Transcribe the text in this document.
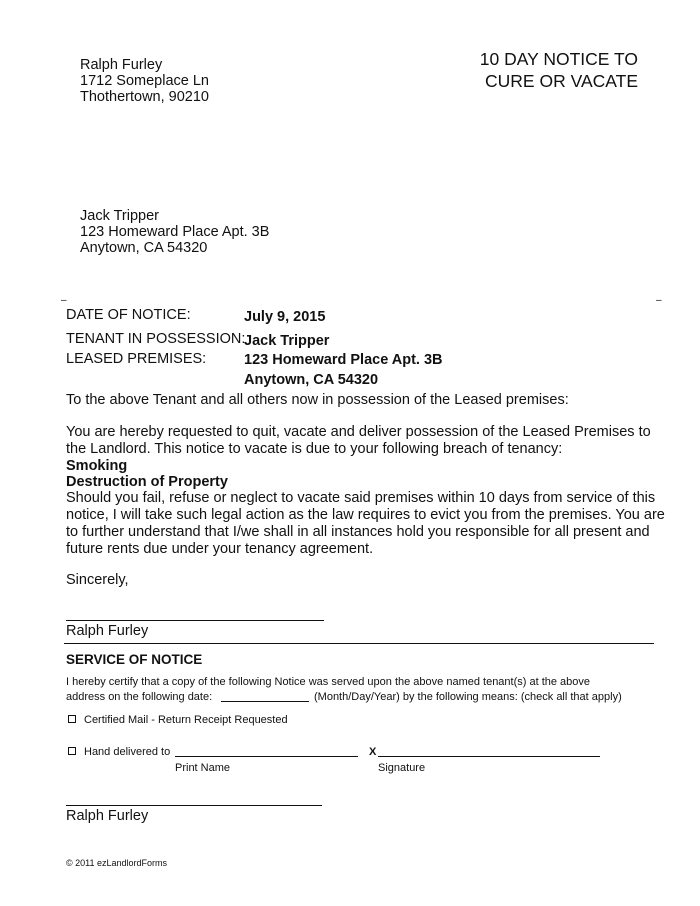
Ralph Furley
1712 Someplace Ln
Thothertown, 90210
10 DAY NOTICE TO
CURE OR VACATE
Jack Tripper
123 Homeward Place Apt. 3B
Anytown, CA 54320
–	–
DATE OF NOTICE:	July 9, 2015
TENANT IN POSSESSION:
Jack Tripper
LEASED PREMISES:	123 Homeward Place Apt. 3B
Anytown, CA 54320
To the above Tenant and all others now in possession of the Leased premises:
You are hereby requested to quit, vacate and deliver possession of the Leased Premises to
the Landlord. This notice to vacate is due to your following breach of tenancy:
Smoking
Destruction of Property
Should you fail, refuse or neglect to vacate said premises within 10 days from service of this
notice, I will take such legal action as the law requires to evict you from the premises. You are
to further understand that I/we shall in all instances hold you responsible for all present and
future rents due under your tenancy agreement.
Sincerely,
Ralph Furley
SERVICE OF NOTICE
I hereby certify that a copy of the following Notice was served upon the above named tenant(s) at the above
address on the following date:	(Month/Day/Year) by the following means: (check all that apply)
Certified Mail - Return Receipt Requested
Hand delivered to	X
Print Name	Signature
Ralph Furley
© 2011 ezLandlordForms
